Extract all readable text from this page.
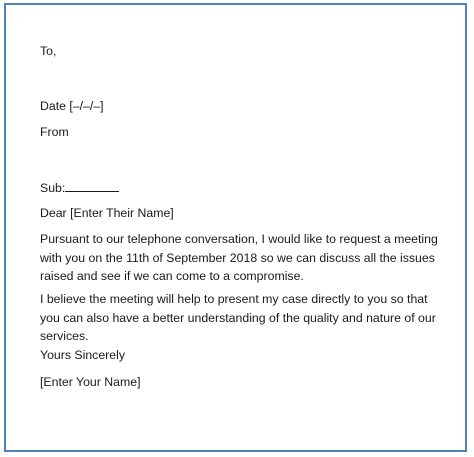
To,
Date [–/–/–]
From
Sub:
Dear [Enter Their Name]
Pursuant to our telephone conversation, I would like to request a meeting with you on the 11th of September 2018 so we can discuss all the issues raised and see if we can come to a compromise.
I believe the meeting will help to present my case directly to you so that you can also have a better understanding of the quality and nature of our services.
Yours Sincerely
[Enter Your Name]
